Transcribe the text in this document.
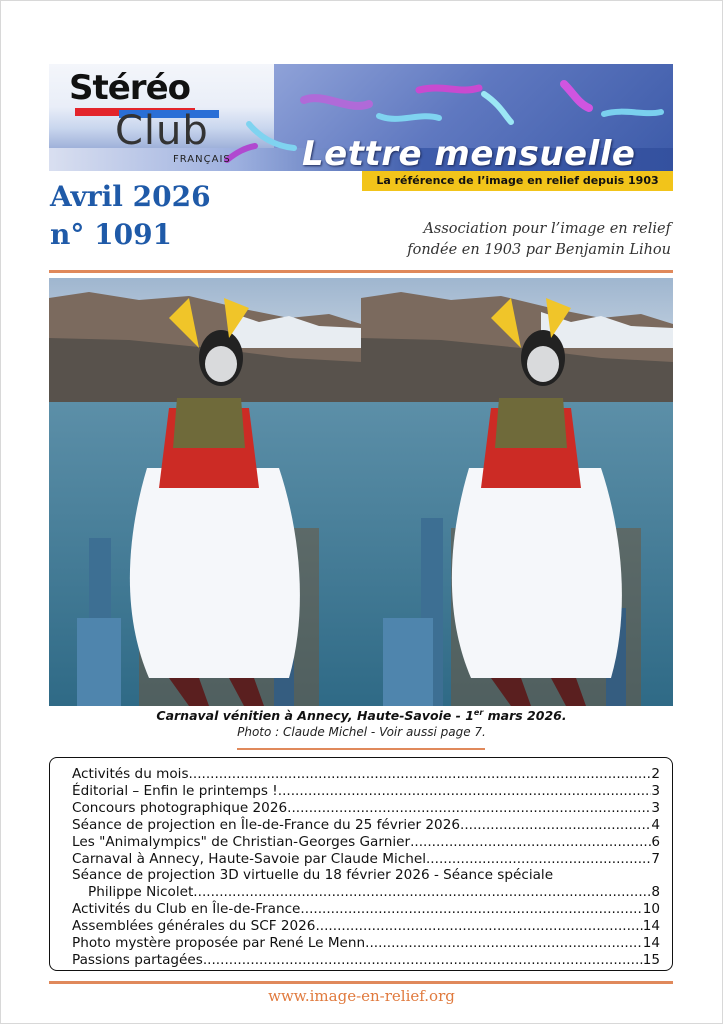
Stéréo
Club
FRANÇAIS Lettre mensuelle
La référence de l’image en relief depuis 1903
Avril 2026
n° 1091	Association pour l’image en relief
fondée en 1903 par Benjamin Lihou
Carnaval vénitien à Annecy, Haute-Savoie - 1er mars 2026.
Photo : Claude Michel - Voir aussi page 7.
Activités du mois .....	2
Éditorial – Enfin le printemps ! .....	3
Concours photographique 2026 .....	3
Séance de projection en Île-de-France du 25 février 2026 .....	4
Les "Animalympics" de Christian-Georges Garnier .....	6
Carnaval à Annecy, Haute-Savoie par Claude Michel .....	7
Séance de projection 3D virtuelle du 18 février 2026 - Séance spéciale
Philippe Nicolet .....	8
Activités du Club en Île-de-France .....	10
Assemblées générales du SCF 2026 .....	14
Photo mystère proposée par René Le Menn .....	14
Passions partagées .....	15
www.image-en-relief.org
